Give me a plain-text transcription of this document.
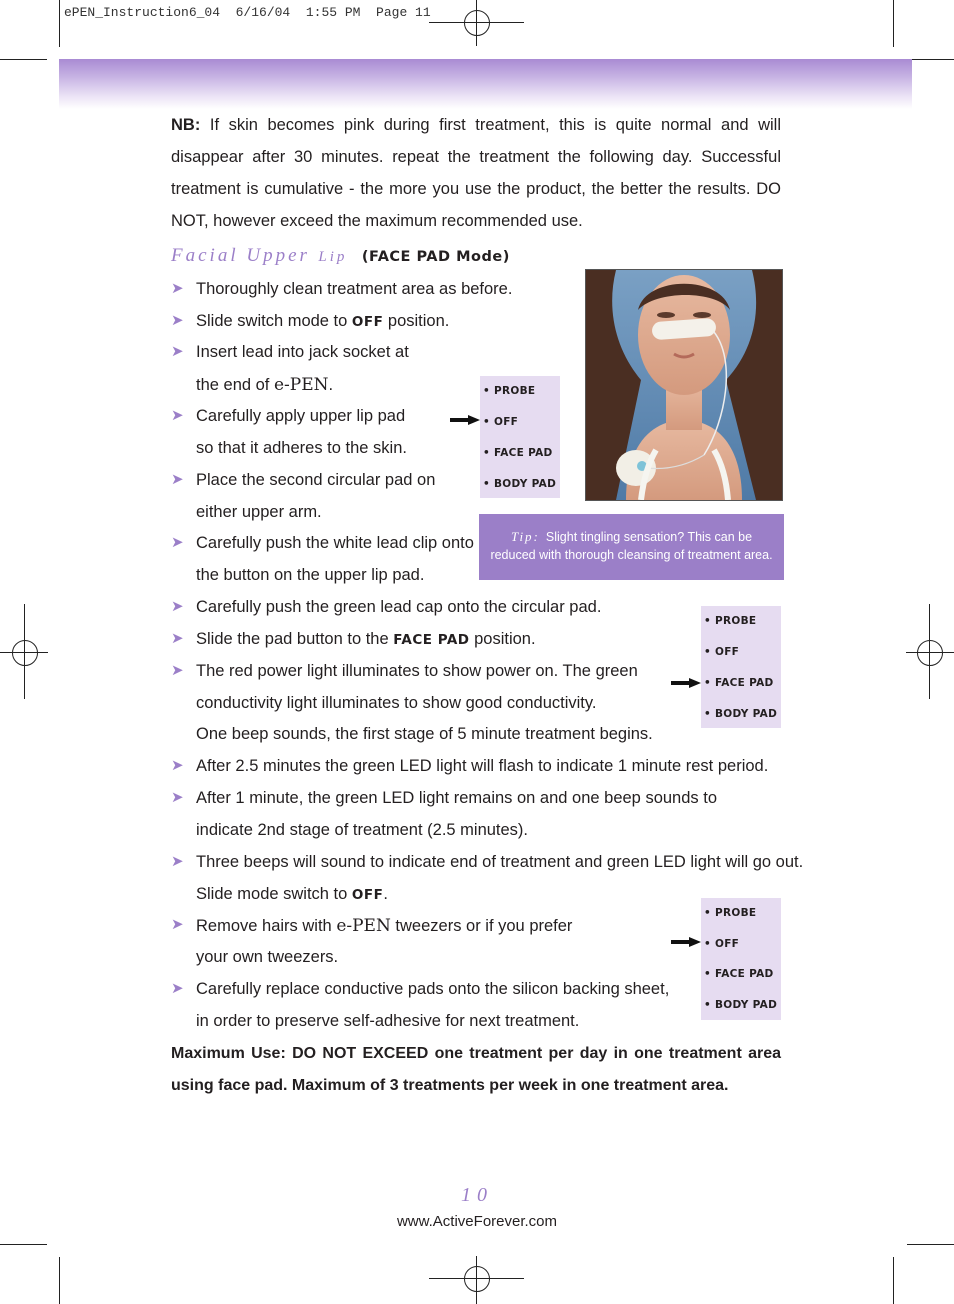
ePEN_Instruction6_04  6/16/04  1:55 PM  Page 11
NB: If skin becomes pink during first treatment, this is quite normal and will disappear after 30 minutes. repeat the treatment the following day. Successful treatment is cumulative - the more you use the product, the better the results. DO NOT, however exceed the maximum recommended use.
Facial Upper Lip (FACE PAD Mode)
➤ Thoroughly clean treatment area as before.
➤ Slide switch mode to OFF position.
➤ Insert lead into jack socket at
the end of e-PEN.
➤ Carefully apply upper lip pad
so that it adheres to the skin.
➤ Place the second circular pad on
either upper arm.
➤ Carefully push the white lead clip onto
the button on the upper lip pad.
➤ Carefully push the green lead cap onto the circular pad.
➤ Slide the pad button to the FACE PAD position.
➤ The red power light illuminates to show power on. The green
conductivity light illuminates to show good conductivity.
One beep sounds, the first stage of 5 minute treatment begins.
➤ After 2.5 minutes the green LED light will flash to indicate 1 minute rest period.
➤ After 1 minute, the green LED light remains on and one beep sounds to
indicate 2nd stage of treatment (2.5 minutes).
➤ Three beeps will sound to indicate end of treatment and green LED light will go out.
Slide mode switch to OFF.
➤ Remove hairs with e-PEN tweezers or if you prefer
your own tweezers.
➤ Carefully replace conductive pads onto the silicon backing sheet,
in order to preserve self-adhesive for next treatment.
• PROBE
• OFF
• FACE PAD
• BODY PAD
• PROBE
• OFF
• FACE PAD
• BODY PAD
• PROBE
• OFF
• FACE PAD
• BODY PAD
Tip: Slight tingling sensation? This can be
reduced with thorough cleansing of treatment area.
Maximum Use: DO NOT EXCEED one treatment per day in one treatment area using face pad. Maximum of 3 treatments per week in one treatment area.
10
www.ActiveForever.com
